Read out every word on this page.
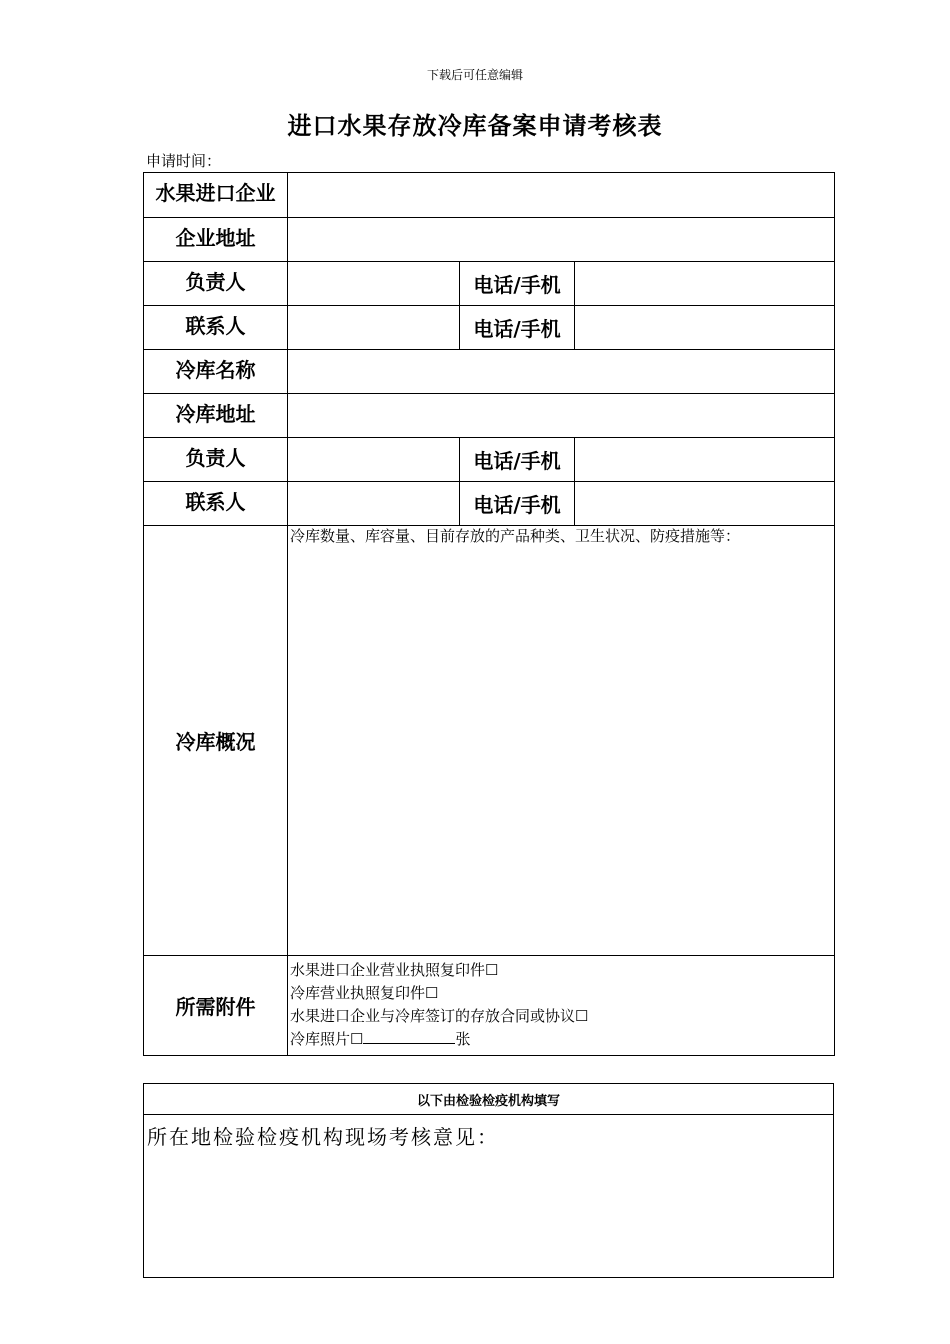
下载后可任意编辑
进口水果存放冷库备案申请考核表
申请时间：
水果进口企业			
企业地址			
负责人		电话/手机	
联系人		电话/手机	
冷库名称			
冷库地址			
负责人		电话/手机	
联系人		电话/手机	
冷库概况	冷库数量、库容量、目前存放的产品种类、卫生状况、防疫措施等：		
所需附件	水果进口企业营业执照复印件☐
冷库营业执照复印件☐
水果进口企业与冷库签订的存放合同或协议☐
冷库照片☐ 张		
以下由检验检疫机构填写
所在地检验检疫机构现场考核意见：
